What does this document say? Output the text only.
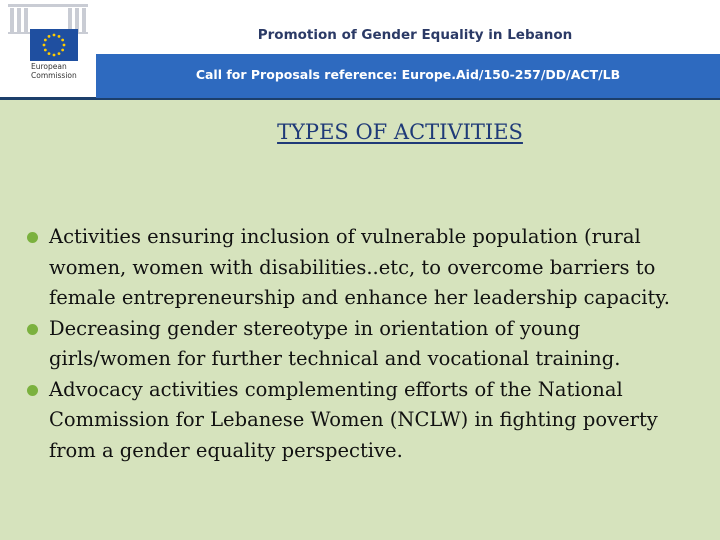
European
Commission
Promotion of Gender Equality in Lebanon
Call for Proposals reference: Europe.Aid/150-257/DD/ACT/LB
TYPES OF ACTIVITIES
Activities ensuring inclusion of vulnerable population (rural women, women with disabilities..etc, to overcome barriers to female entrepreneurship and enhance her leadership capacity.
Decreasing gender stereotype in orientation of young girls/women for further technical and vocational training.
Advocacy activities complementing efforts of the National Commission for Lebanese Women (NCLW) in fighting poverty from a gender equality perspective.
